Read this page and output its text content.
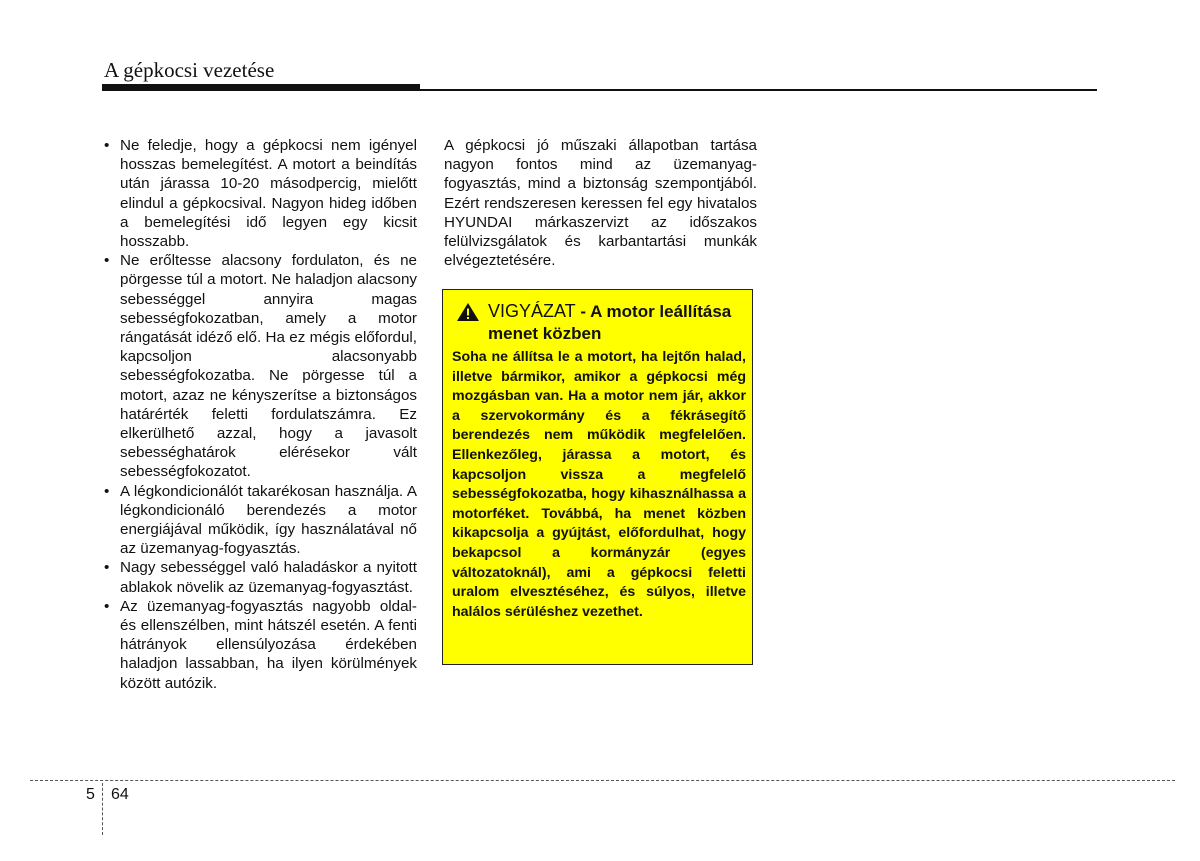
A gépkocsi vezetése
• Ne feledje, hogy a gépkocsi nem igényel hosszas bemelegítést. A motort a beindítás után járassa 10-20 másodpercig, mielőtt elindul a gépkocsival. Nagyon hideg időben a bemelegítési idő legyen egy kicsit hosszabb.
• Ne erőltesse alacsony fordulaton, és ne pörgesse túl a motort. Ne haladjon alacsony sebességgel annyira magas sebességfokozatban, amely a motor rángatását idéző elő. Ha ez mégis előfordul, kapcsoljon alacsonyabb sebességfokozatba. Ne pörgesse túl a motort, azaz ne kényszerítse a biztonságos határérték feletti fordulatszámra. Ez elkerülhető azzal, hogy a javasolt sebességhatárok elérésekor vált sebességfokozatot.
• A légkondicionálót takarékosan használja. A légkondicionáló berendezés a motor energiájával működik, így használatával nő az üzemanyag-fogyasztás.
• Nagy sebességgel való haladáskor a nyitott ablakok növelik az üzemanyag-fogyasztást.
• Az üzemanyag-fogyasztás nagyobb oldal- és ellenszélben, mint hátszél esetén. A fenti hátrányok ellensúlyozása érdekében haladjon lassabban, ha ilyen körülmények között autózik.
A gépkocsi jó műszaki állapotban tartása nagyon fontos mind az üzemanyag-fogyasztás, mind a biztonság szempontjából. Ezért rendszeresen keressen fel egy hivatalos HYUNDAI márkaszervizt az időszakos felülvizsgálatok és karbantartási munkák elvégeztetésére.
VIGYÁZAT - A motor leállítása menet közben
Soha ne állítsa le a motort, ha lejtőn halad, illetve bármikor, amikor a gépkocsi még mozgásban van. Ha a motor nem jár, akkor a szervokormány és a fékrásegítő berendezés nem működik megfelelően. Ellenkezőleg, járassa a motort, és kapcsoljon vissza a megfelelő sebességfokozatba, hogy kihasználhassa a motorféket. Továbbá, ha menet közben kikapcsolja a gyújtást, előfordulhat, hogy bekapcsol a kormányzár (egyes változatoknál), ami a gépkocsi feletti uralom elvesztéséhez, és súlyos, illetve halálos sérüléshez vezethet.
5 64
